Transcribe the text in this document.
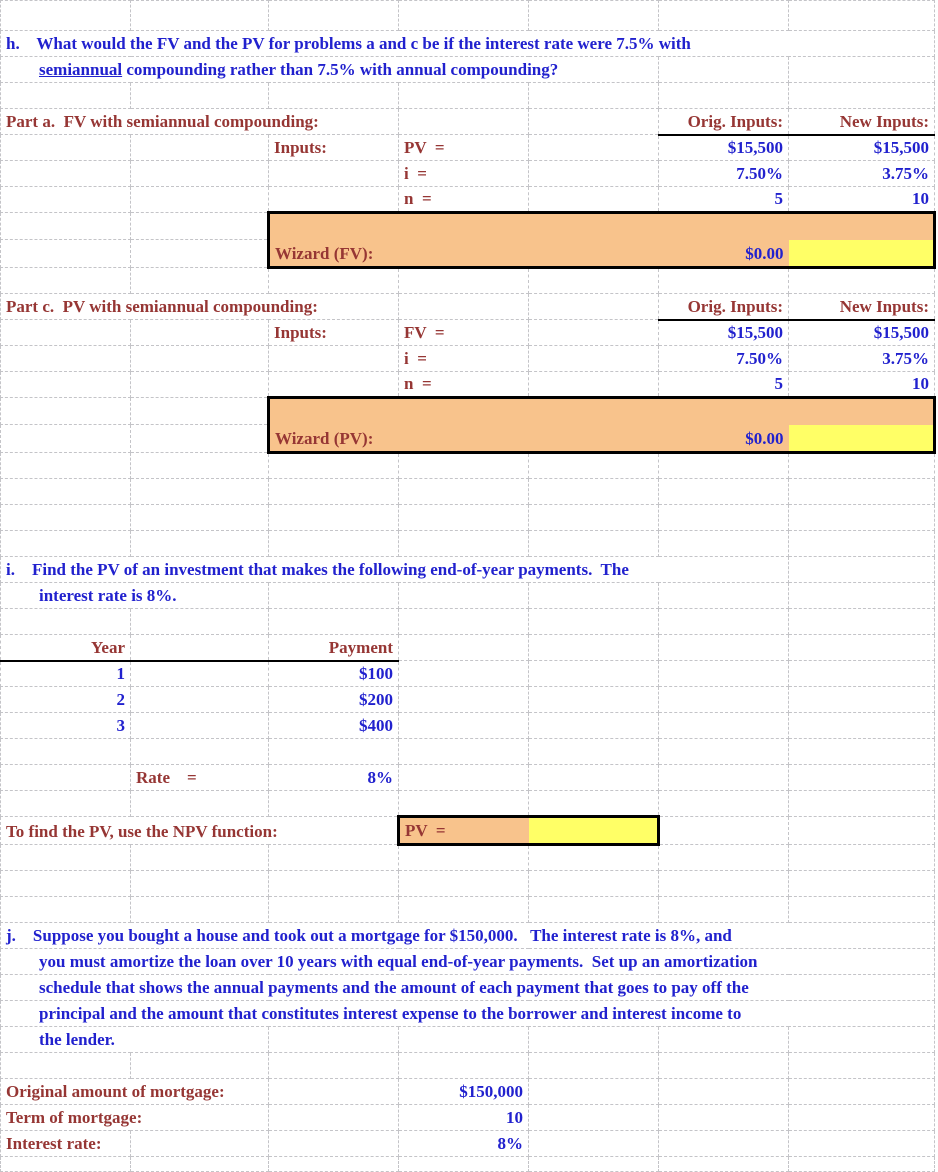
h.    What would the FV and the PV for problems a and c be if the interest rate were 7.5% with						
semiannual compounding rather than 7.5% with annual compounding?						

Part a.  FV with semiannual compounding:					Orig. Inputs:	New Inputs:
		Inputs:	PV  =		$15,500	$15,500
			i  =		7.50%	3.75%
			n  =		5	10

		Wizard (FV):			$0.00	

Part c.  PV with semiannual compounding:					Orig. Inputs:	New Inputs:
		Inputs:	FV  =		$15,500	$15,500
			i  =		7.50%	3.75%
			n  =		5	10

		Wizard (PV):			$0.00	

i.    Find the PV of an investment that makes the following end-of-year payments.  The						
interest rate is 8%.						

Year		Payment				
1		$100				
2		$200				
3		$400				

	Rate    =	8%				

To find the PV, use the NPV function:			PV  =			

j.    Suppose you bought a house and took out a mortgage for $150,000.   The interest rate is 8%, and						
you must amortize the loan over 10 years with equal end-of-year payments.  Set up an amortization						
schedule that shows the annual payments and the amount of each payment that goes to pay off the						
principal and the amount that constitutes interest expense to the borrower and interest income to						
the lender.						

Original amount of mortgage:			$150,000			
Term of mortgage:			10			
Interest rate:			8%			
